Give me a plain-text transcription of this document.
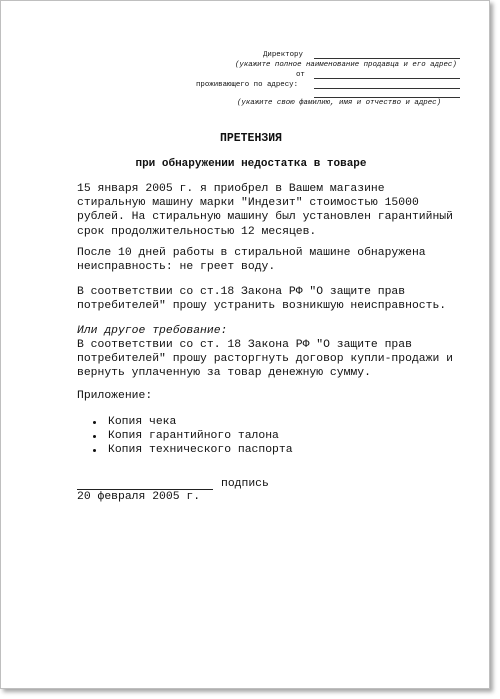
Директору
(укажите полное наименование продавца и его адрес)
от
проживающего по адресу:
(укажите свою фамилию, имя и отчество и адрес)
ПРЕТЕНЗИЯ
при обнаружении недостатка в товаре
15 января 2005 г. я приобрел в Вашем магазине
стиральную машину марки "Индезит" стоимостью 15000
рублей. На стиральную машину был установлен гарантийный
срок продолжительностью 12 месяцев.
После 10 дней работы в стиральной машине обнаружена
неисправность: не греет воду.
В соответствии со ст.18 Закона РФ "О защите прав
потребителей" прошу устранить возникшую неисправность.
Или другое требование:
В соответствии со ст. 18 Закона РФ "О защите прав
потребителей" прошу расторгнуть договор купли-продажи и
вернуть уплаченную за товар денежную сумму.
Приложение:
Копия чека
Копия гарантийного талона
Копия технического паспорта
подпись
20 февраля 2005 г.
